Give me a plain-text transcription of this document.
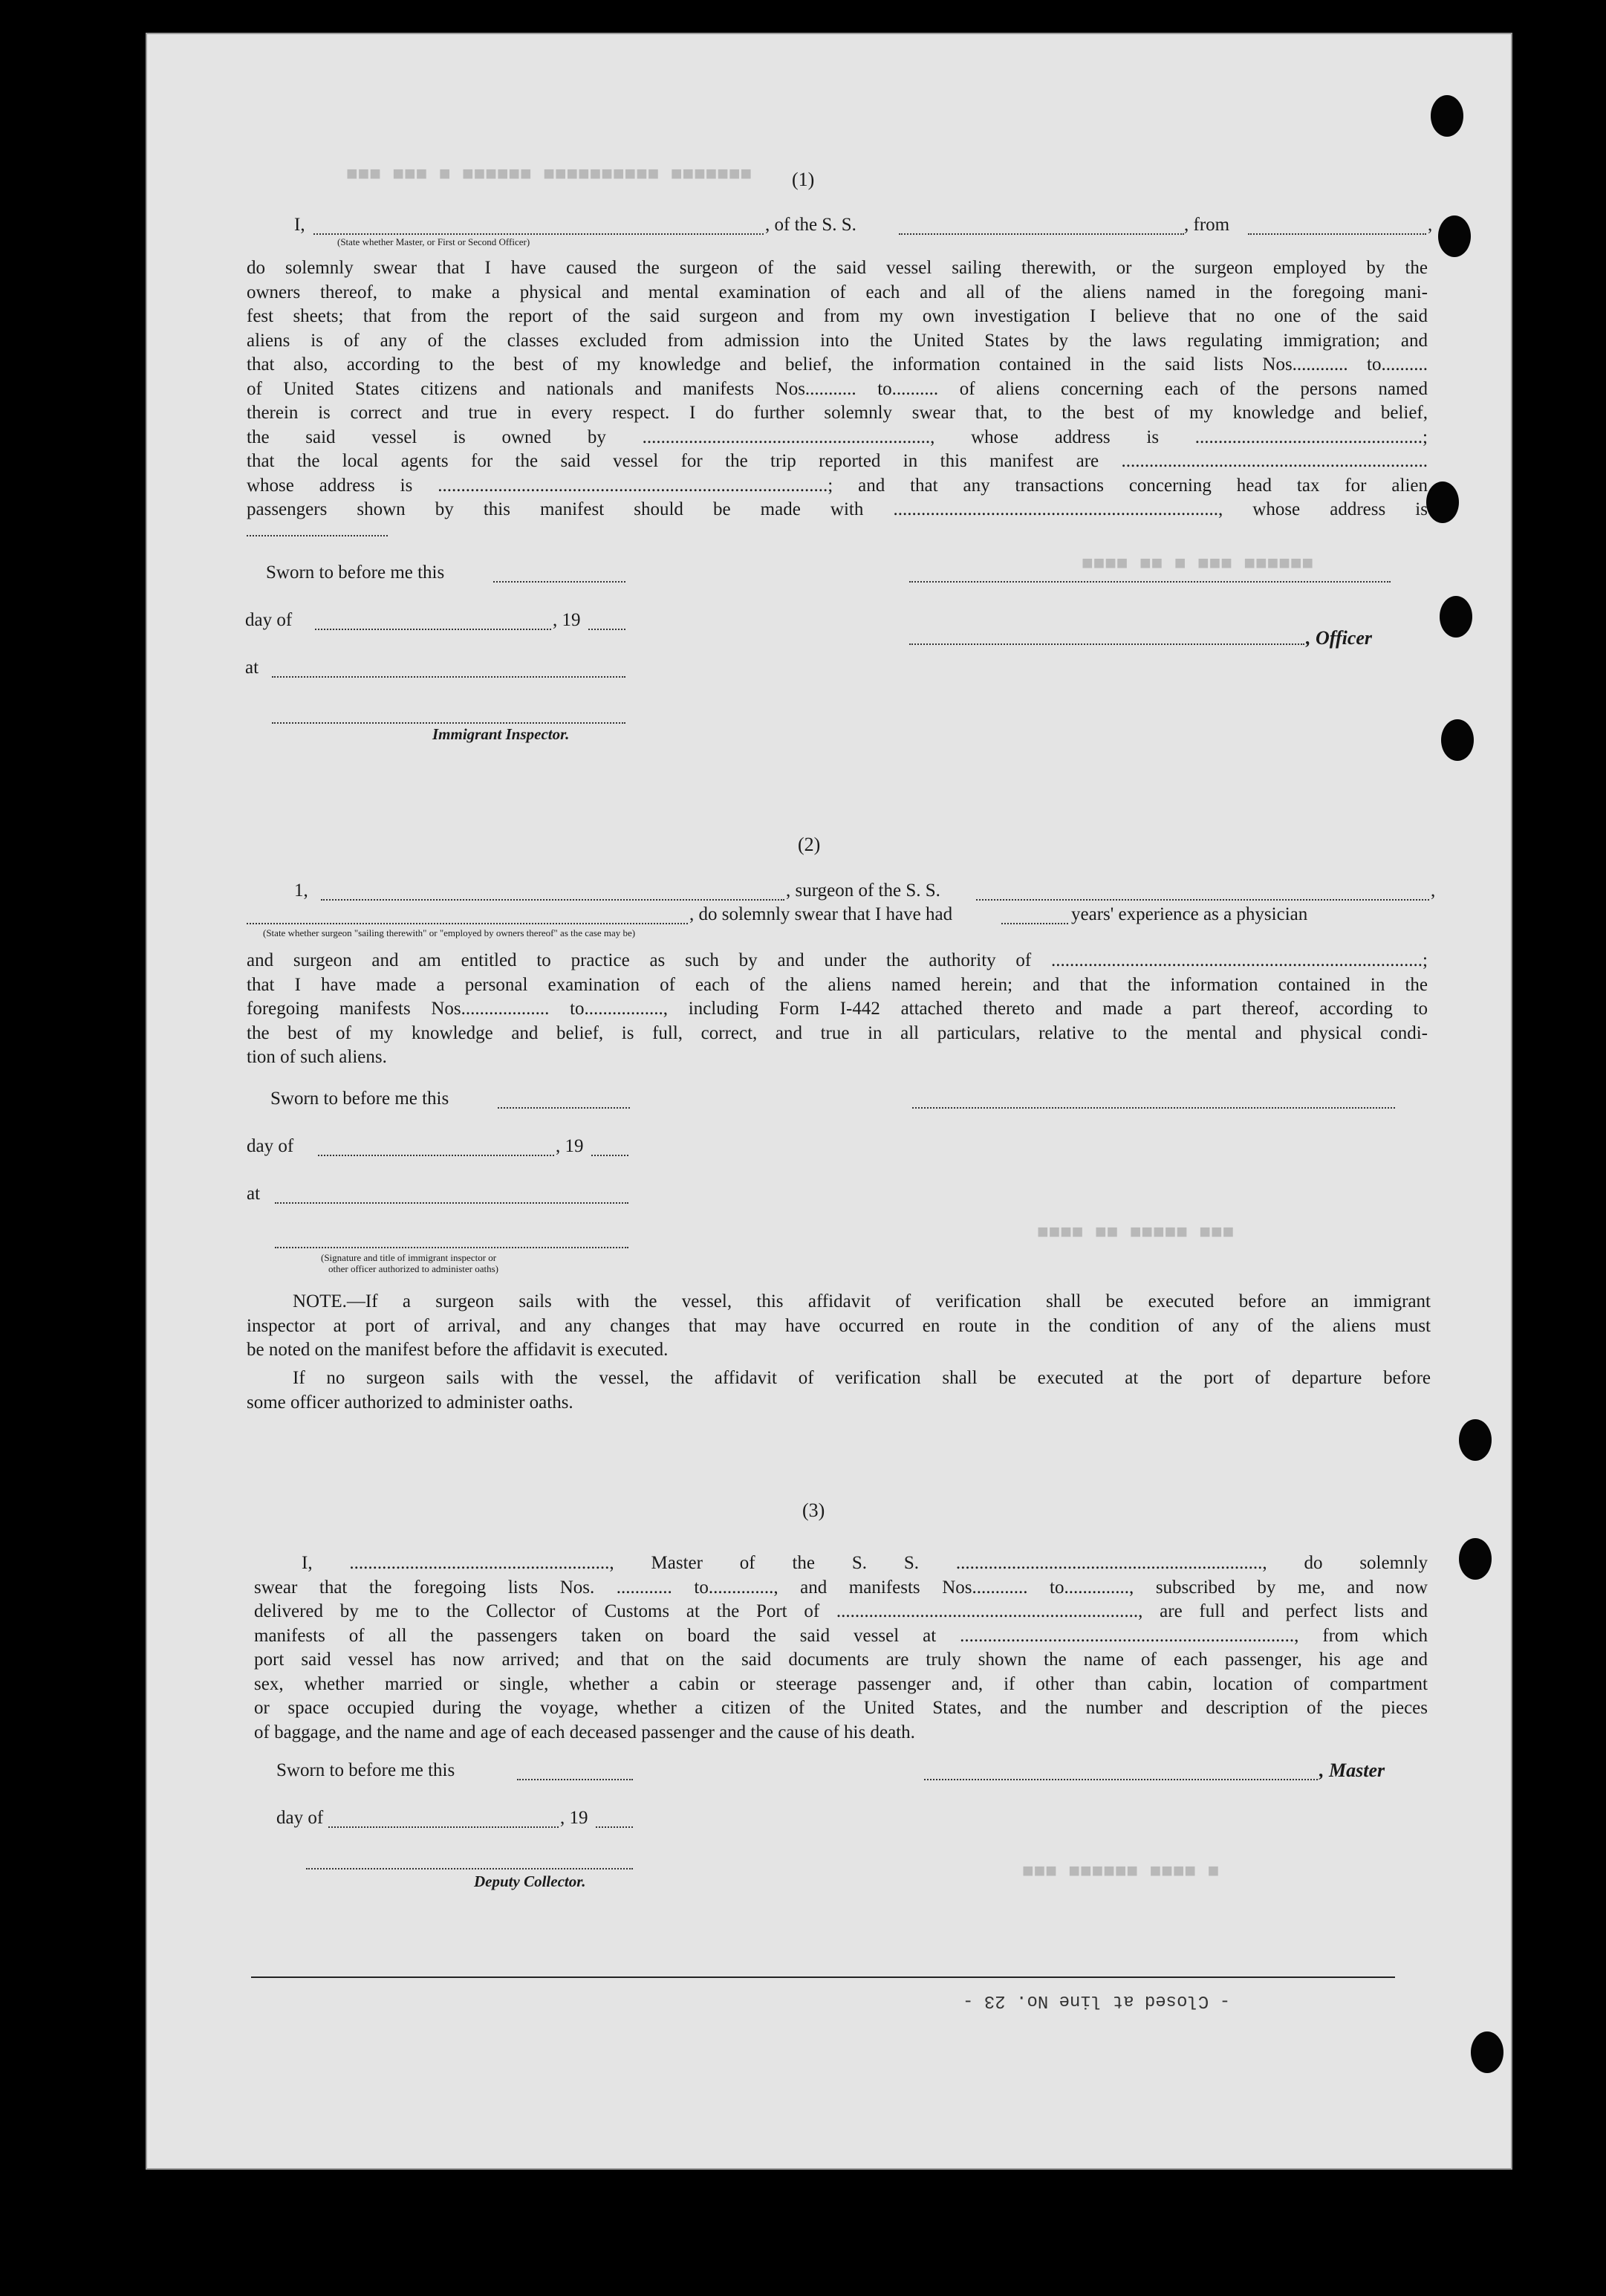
■■■ ■■■ ■ ■■■■■■ ■■■■■■■■■■ ■■■■■■■
■■■■ ■■ ■ ■■■ ■■■■■■
■■■■ ■■ ■■■■■ ■■■
■■■ ■■■■■■ ■■■■ ■
(1)
I,
(State whether Master, or First or Second Officer)
, of the S. S.	, from	,
do solemnly swear that I have caused the surgeon of the said vessel sailing therewith, or the surgeon employed by the
owners thereof, to make a physical and mental examination of each and all of the aliens named in the foregoing mani-
fest sheets; that from the report of the said surgeon and from my own investigation I believe that no one of the said
aliens is of any of the classes excluded from admission into the United States by the laws regulating immigration; and
that also, according to the best of my knowledge and belief, the information contained in the said lists Nos............ to..........
of United States citizens and nationals and manifests Nos........... to.......... of aliens concerning each of the persons named
therein is correct and true in every respect. I do further solemnly swear that, to the best of my knowledge and belief,
the said vessel is owned by .............................................................., whose address is .................................................;
that the local agents for the said vessel for the trip reported in this manifest are ..................................................................
whose address is ....................................................................................; and that any transactions concerning head tax for alien
passengers shown by this manifest should be made with ......................................................................, whose address is
Sworn to before me this
day of	, 19
, Officer
at
Immigrant Inspector.
(2)
1,	, surgeon of the S. S.	,
, do solemnly swear that I have had	years' experience as a physician
(State whether surgeon "sailing therewith" or "employed by owners thereof" as the case may be)
and surgeon and am entitled to practice as such by and under the authority of ................................................................................;
that I have made a personal examination of each of the aliens named herein; and that the information contained in the
foregoing manifests Nos................... to................., including Form I-442 attached thereto and made a part thereof, according to
the best of my knowledge and belief, is full, correct, and true in all particulars, relative to the mental and physical condi-
tion of such aliens.
Sworn to before me this
day of	, 19
at
(Signature and title of immigrant inspector or
other officer authorized to administer oaths)
NOTE.—If a surgeon sails with the vessel, this affidavit of verification shall be executed before an immigrant
inspector at port of arrival, and any changes that may have occurred en route in the condition of any of the aliens must
be noted on the manifest before the affidavit is executed.
If no surgeon sails with the vessel, the affidavit of verification shall be executed at the port of departure before
some officer authorized to administer oaths.
(3)
I, ........................................................, Master of the S. S. .................................................................., do solemnly
swear that the foregoing lists Nos. ............ to.............., and manifests Nos............ to.............., subscribed by me, and now
delivered by me to the Collector of Customs at the Port of ................................................................., are full and perfect lists and
manifests of all the passengers taken on board the said vessel at ........................................................................, from which
port said vessel has now arrived; and that on the said documents are truly shown the name of each passenger, his age and
sex, whether married or single, whether a cabin or steerage passenger and, if other than cabin, location of compartment
or space occupied during the voyage, whether a citizen of the United States, and the number and description of the pieces
of baggage, and the name and age of each deceased passenger and the cause of his death.
Sworn to before me this	, Master
day of	, 19
Deputy Collector.
- Closed at line No. 23 -
